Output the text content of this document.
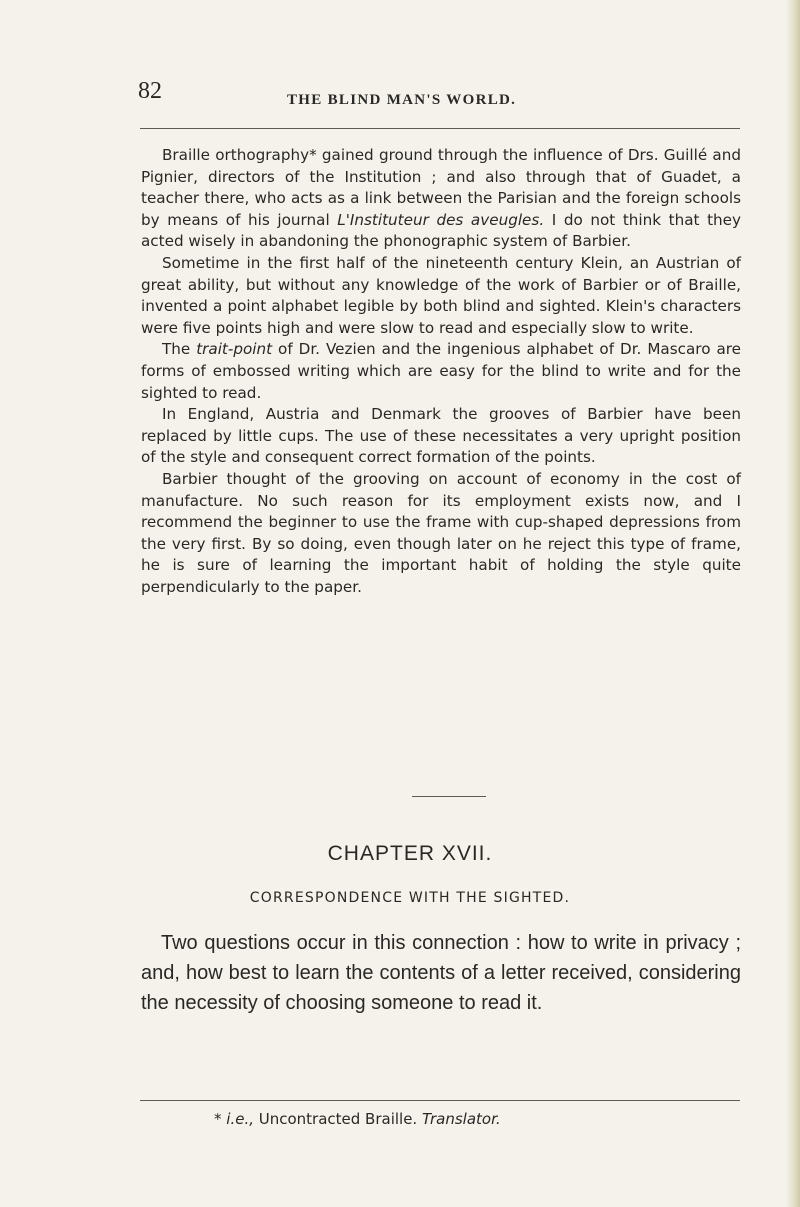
82	THE BLIND MAN'S WORLD.

Braille orthography* gained ground through the influence of Drs. Guillé and Pignier, directors of the Institution ; and also through that of Guadet, a teacher there, who acts as a link between the Parisian and the foreign schools by means of his journal L'Instituteur des aveugles. I do not think that they acted wisely in abandoning the phonographic system of Barbier.

Sometime in the first half of the nineteenth century Klein, an Austrian of great ability, but without any knowledge of the work of Barbier or of Braille, invented a point alphabet legible by both blind and sighted. Klein's characters were five points high and were slow to read and especially slow to write.

The trait-point of Dr. Vezien and the ingenious alphabet of Dr. Mascaro are forms of embossed writing which are easy for the blind to write and for the sighted to read.

In England, Austria and Denmark the grooves of Barbier have been replaced by little cups. The use of these necessitates a very upright position of the style and consequent correct formation of the points.

Barbier thought of the grooving on account of economy in the cost of manufacture. No such reason for its employment exists now, and I recommend the beginner to use the frame with cup-shaped depressions from the very first. By so doing, even though later on he reject this type of frame, he is sure of learning the important habit of holding the style quite perpendicularly to the paper.

CHAPTER XVII.
CORRESPONDENCE WITH THE SIGHTED.

Two questions occur in this connection : how to write in privacy ; and, how best to learn the contents of a letter received, considering the necessity of choosing someone to read it.

* i.e., Uncontracted Braille. Translator.
